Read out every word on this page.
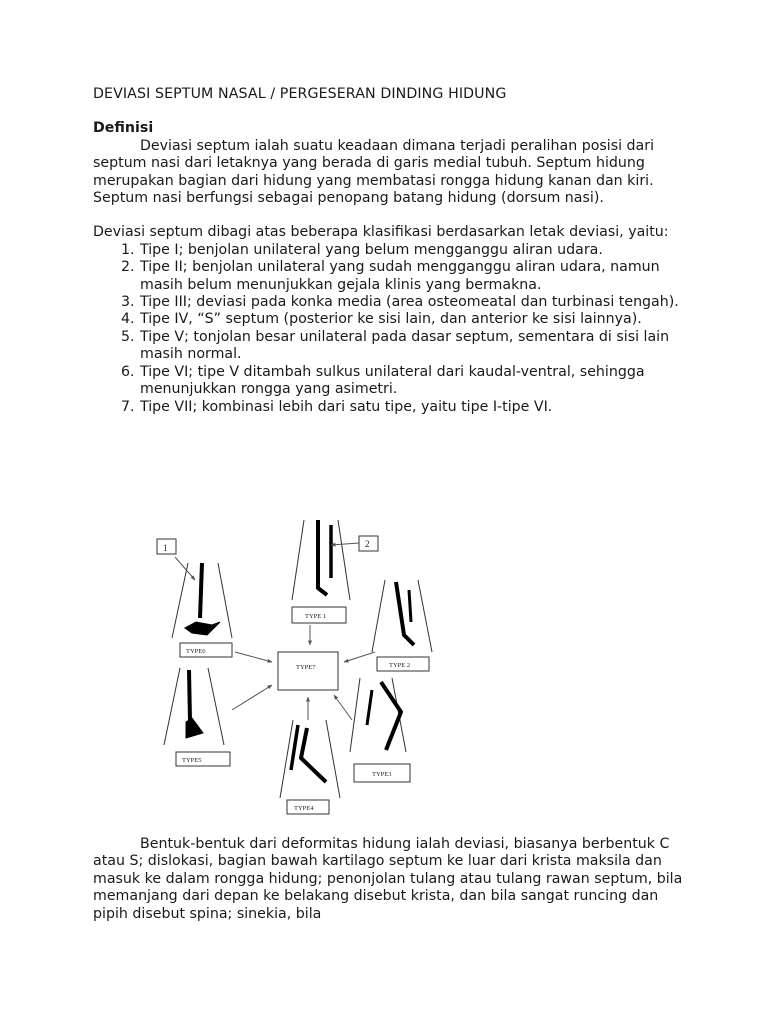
DEVIASI SEPTUM NASAL / PERGESERAN DINDING HIDUNG
Definisi

Deviasi septum ialah suatu keadaan dimana terjadi peralihan posisi dari septum nasi dari letaknya yang berada di garis medial tubuh. Septum hidung merupakan bagian dari hidung yang membatasi rongga hidung kanan dan kiri. Septum nasi berfungsi sebagai penopang batang hidung (dorsum nasi).

Deviasi septum dibagi atas beberapa klasifikasi berdasarkan letak deviasi, yaitu:

1. Tipe I; benjolan unilateral yang belum mengganggu aliran udara.
2. Tipe II; benjolan unilateral yang sudah mengganggu aliran udara, namun masih belum menunjukkan gejala klinis yang bermakna.
3. Tipe III; deviasi pada konka media (area osteomeatal dan turbinasi tengah).
4. Tipe IV, “S” septum (posterior ke sisi lain, dan anterior ke sisi lainnya).
5. Tipe V; tonjolan besar unilateral pada dasar septum, sementara di sisi lain masih normal.
6. Tipe VI; tipe V ditambah sulkus unilateral dari kaudal-ventral, sehingga menunjukkan rongga yang asimetri.
7. Tipe VII; kombinasi lebih dari satu tipe, yaitu tipe I-tipe VI.
1	2
TYPE 1
TYPE6
TYPE 2
TYPE7
TYPE5
TYPE3
TYPE4

Bentuk-bentuk dari deformitas hidung ialah deviasi, biasanya berbentuk C atau S; dislokasi, bagian bawah kartilago septum ke luar dari krista maksila dan masuk ke dalam rongga hidung; penonjolan tulang atau tulang rawan septum, bila memanjang dari depan ke belakang disebut krista, dan bila sangat runcing dan pipih disebut spina; sinekia, bila
